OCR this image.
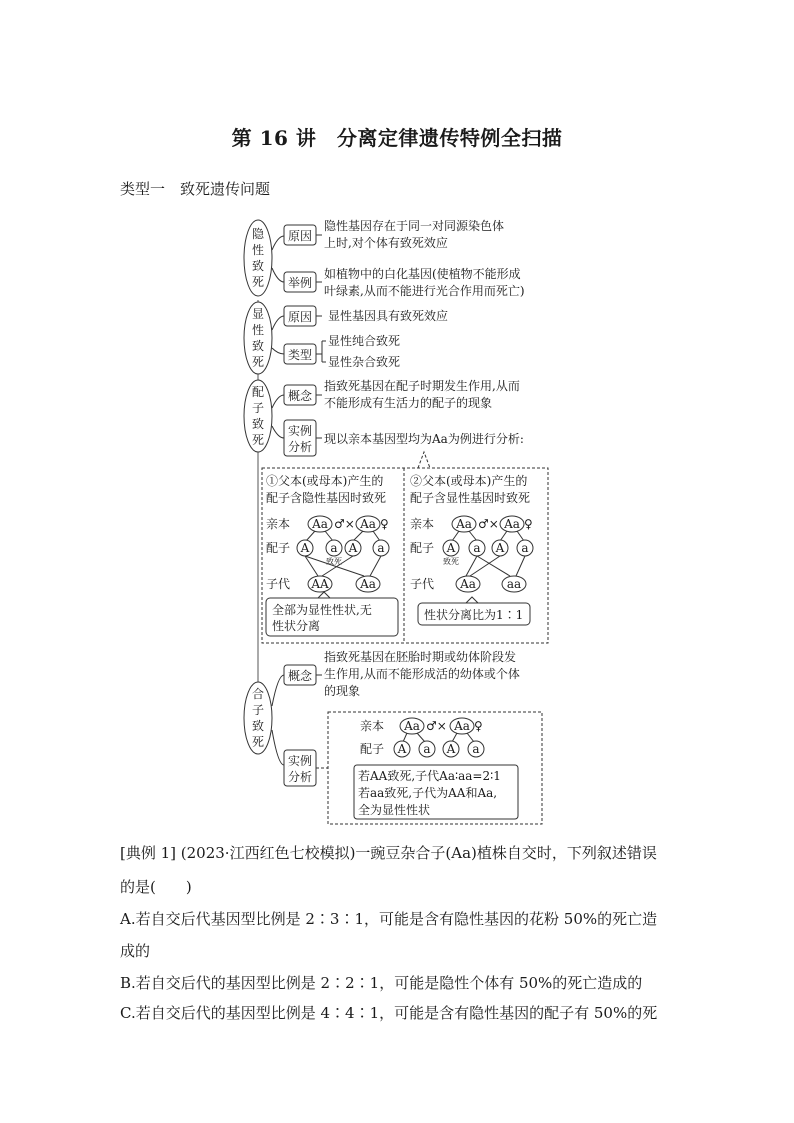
第 16 讲　分离定律遗传特例全扫描
类型一　致死遗传问题
隐
性
致
死
原因
隐性基因存在于同一对同源染色体
上时,对个体有致死效应
举例
如植物中的白化基因(使植物不能形成
叶绿素,从而不能进行光合作用而死亡)
显
性
致
死
原因 显性基因具有致死效应
类型
显性纯合致死
显性杂合致死
配
子
致
死
概念
指致死基因在配子时期发生作用,从而
不能形成有生活力的配子的现象
实例
分析
现以亲本基因型均为Aa为例进行分析:
①父本(或母本)产生的
配子含隐性基因时致死
亲本
配子
子代
Aa ♂× Aa ♀
A a A a
致死
AA	Aa
全部为显性性状,无
性状分离
②父本(或母本)产生的
配子含显性基因时致死
亲本
配子
子代
Aa ♂× Aa ♀
A a A a
致死
Aa	aa
性状分离比为1∶1
合
子
致
死
概念
指致死基因在胚胎时期或幼体阶段发
生作用,从而不能形成活的幼体或个体
的现象
实例
分析
亲本
配子
Aa ♂× Aa ♀
A a A a
若AA致死,子代Aa∶aa=2∶1
若aa致死,子代为AA和Aa,
全为显性性状
[典例 1] (2023·江西红色七校模拟)一豌豆杂合子(Aa)植株自交时，下列叙述错误
的是(　　)
A.若自交后代基因型比例是 2∶3∶1，可能是含有隐性基因的花粉 50%的死亡造
成的
B.若自交后代的基因型比例是 2∶2∶1，可能是隐性个体有 50%的死亡造成的
C.若自交后代的基因型比例是 4∶4∶1，可能是含有隐性基因的配子有 50%的死
